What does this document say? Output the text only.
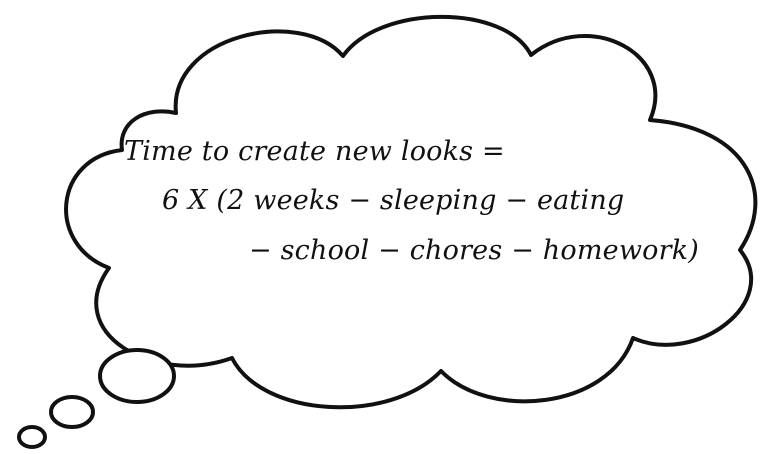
Time to create new looks =
6 X (2 weeks − sleeping − eating
− school − chores − homework)
